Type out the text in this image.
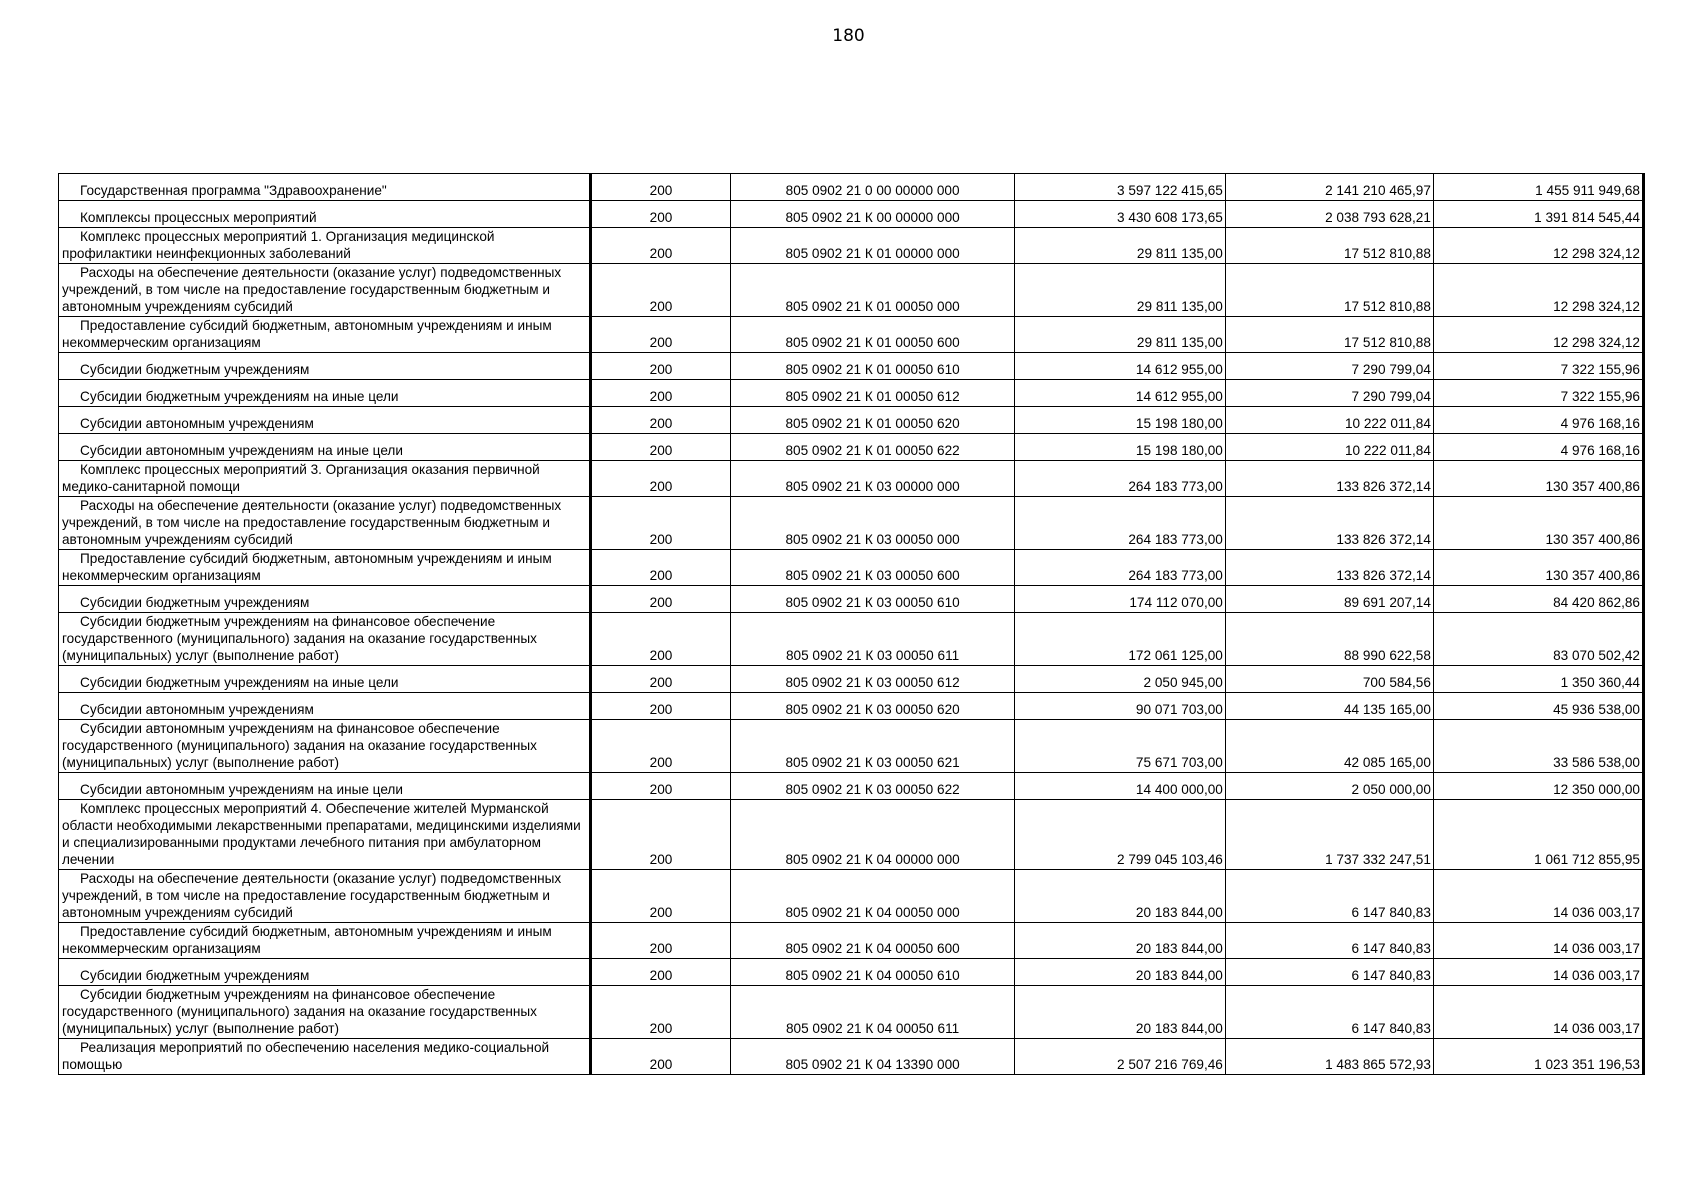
180
Государственная программа "Здравоохранение"	200	805 0902 21 0 00 00000 000	3 597 122 415,65	2 141 210 465,97	1 455 911 949,68
Комплексы процессных мероприятий	200	805 0902 21 К 00 00000 000	3 430 608 173,65	2 038 793 628,21	1 391 814 545,44
Комплекс процессных мероприятий 1. Организация медицинской профилактики неинфекционных заболеваний	200	805 0902 21 К 01 00000 000	29 811 135,00	17 512 810,88	12 298 324,12
Расходы на обеспечение деятельности (оказание услуг) подведомственных учреждений, в том числе на предоставление государственным бюджетным и автономным учреждениям субсидий	200	805 0902 21 К 01 00050 000	29 811 135,00	17 512 810,88	12 298 324,12
Предоставление субсидий бюджетным, автономным учреждениям и иным некоммерческим организациям	200	805 0902 21 К 01 00050 600	29 811 135,00	17 512 810,88	12 298 324,12
Субсидии бюджетным учреждениям	200	805 0902 21 К 01 00050 610	14 612 955,00	7 290 799,04	7 322 155,96
Субсидии бюджетным учреждениям на иные цели	200	805 0902 21 К 01 00050 612	14 612 955,00	7 290 799,04	7 322 155,96
Субсидии автономным учреждениям	200	805 0902 21 К 01 00050 620	15 198 180,00	10 222 011,84	4 976 168,16
Субсидии автономным учреждениям на иные цели	200	805 0902 21 К 01 00050 622	15 198 180,00	10 222 011,84	4 976 168,16
Комплекс процессных мероприятий 3. Организация оказания первичной медико-санитарной помощи	200	805 0902 21 К 03 00000 000	264 183 773,00	133 826 372,14	130 357 400,86
Расходы на обеспечение деятельности (оказание услуг) подведомственных учреждений, в том числе на предоставление государственным бюджетным и автономным учреждениям субсидий	200	805 0902 21 К 03 00050 000	264 183 773,00	133 826 372,14	130 357 400,86
Предоставление субсидий бюджетным, автономным учреждениям и иным некоммерческим организациям	200	805 0902 21 К 03 00050 600	264 183 773,00	133 826 372,14	130 357 400,86
Субсидии бюджетным учреждениям	200	805 0902 21 К 03 00050 610	174 112 070,00	89 691 207,14	84 420 862,86
Субсидии бюджетным учреждениям на финансовое обеспечение государственного (муниципального) задания на оказание государственных (муниципальных) услуг (выполнение работ)	200	805 0902 21 К 03 00050 611	172 061 125,00	88 990 622,58	83 070 502,42
Субсидии бюджетным учреждениям на иные цели	200	805 0902 21 К 03 00050 612	2 050 945,00	700 584,56	1 350 360,44
Субсидии автономным учреждениям	200	805 0902 21 К 03 00050 620	90 071 703,00	44 135 165,00	45 936 538,00
Субсидии автономным учреждениям на финансовое обеспечение государственного (муниципального) задания на оказание государственных (муниципальных) услуг (выполнение работ)	200	805 0902 21 К 03 00050 621	75 671 703,00	42 085 165,00	33 586 538,00
Субсидии автономным учреждениям на иные цели	200	805 0902 21 К 03 00050 622	14 400 000,00	2 050 000,00	12 350 000,00
Комплекс процессных мероприятий 4. Обеспечение жителей Мурманской области необходимыми лекарственными препаратами, медицинскими изделиями и специализированными продуктами лечебного питания при амбулаторном лечении	200	805 0902 21 К 04 00000 000	2 799 045 103,46	1 737 332 247,51	1 061 712 855,95
Расходы на обеспечение деятельности (оказание услуг) подведомственных учреждений, в том числе на предоставление государственным бюджетным и автономным учреждениям субсидий	200	805 0902 21 К 04 00050 000	20 183 844,00	6 147 840,83	14 036 003,17
Предоставление субсидий бюджетным, автономным учреждениям и иным некоммерческим организациям	200	805 0902 21 К 04 00050 600	20 183 844,00	6 147 840,83	14 036 003,17
Субсидии бюджетным учреждениям	200	805 0902 21 К 04 00050 610	20 183 844,00	6 147 840,83	14 036 003,17
Субсидии бюджетным учреждениям на финансовое обеспечение государственного (муниципального) задания на оказание государственных (муниципальных) услуг (выполнение работ)	200	805 0902 21 К 04 00050 611	20 183 844,00	6 147 840,83	14 036 003,17
Реализация мероприятий по обеспечению населения медико-социальной помощью	200	805 0902 21 К 04 13390 000	2 507 216 769,46	1 483 865 572,93	1 023 351 196,53
